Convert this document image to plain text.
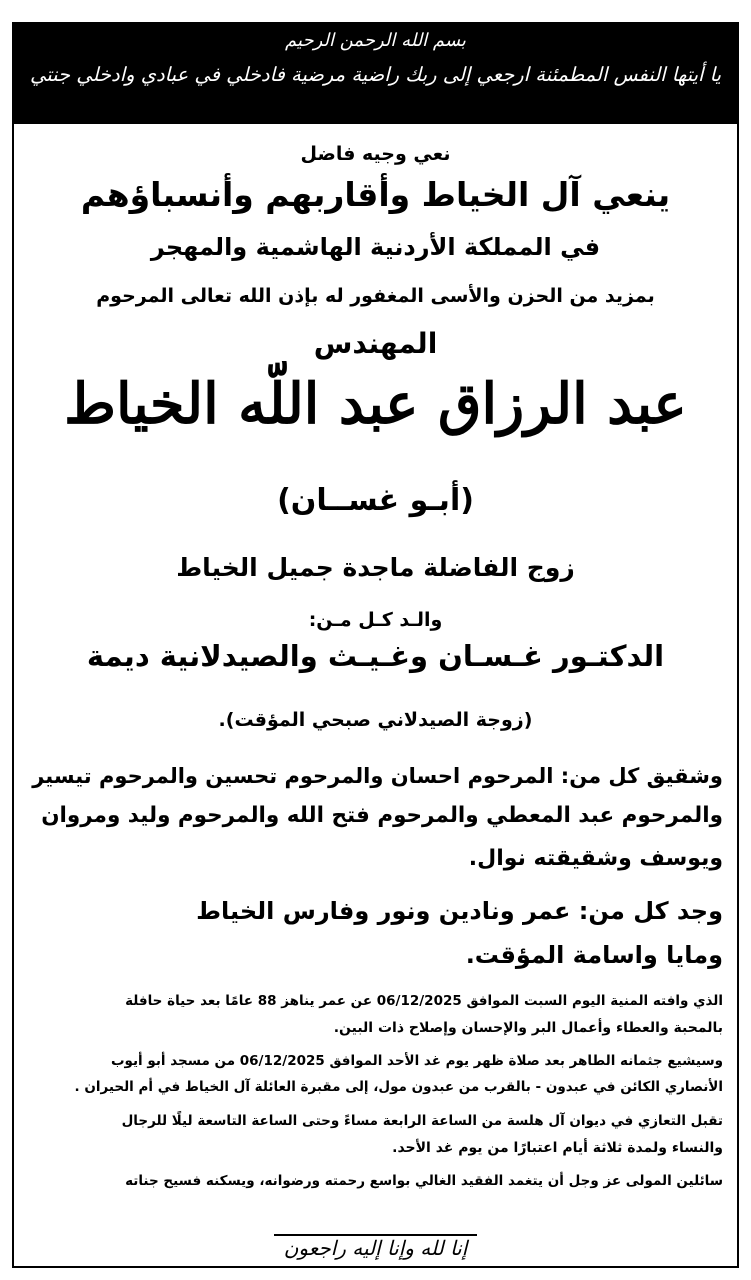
بسم الله الرحمن الرحيم
يا أيتها النفس المطمئنة ارجعي إلى ربك راضية مرضية فادخلي في عبادي وادخلي جنتي
نعي وجيه فاضل
ينعي آل الخياط وأقاربهم وأنسباؤهم
في المملكة الأردنية الهاشمية والمهجر
بمزيد من الحزن والأسى المغفور له بإذن الله تعالى المرحوم
المهندس
عبد الرزاق عبد اللّه الخياط
(أبـو غســان)
زوج الفاضلة ماجدة جميل الخياط
والـد كـل مـن:
الدكتـور غـسـان وغـيـث والصيدلانية ديمة
(زوجة الصيدلاني صبحي المؤقت).
وشقيق كل من: المرحوم احسان والمرحوم تحسين والمرحوم تيسير
والمرحوم عبد المعطي والمرحوم فتح الله والمرحوم وليد ومروان
ويوسف وشقيقته نوال.
وجد كل من: عمر ونادين ونور وفارس الخياط
ومايا واسامة المؤقت.
الذي وافته المنية اليوم السبت الموافق 06/12/2025 عن عمر يناهز 88 عامًا بعد حياة حافلة
بالمحبة والعطاء وأعمال البر والإحسان وإصلاح ذات البين.
وسيشيع جثمانه الطاهر بعد صلاة ظهر يوم غد الأحد الموافق 06/12/2025 من مسجد أبو أيوب
الأنصاري الكائن في عبدون - بالقرب من عبدون مول، إلى مقبرة العائلة آل الخياط في أم الحيران .
تقبل التعازي في ديوان آل هلسة من الساعة الرابعة مساءً وحتى الساعة التاسعة ليلًا للرجال
والنساء ولمدة ثلاثة أيام اعتبارًا من يوم غد الأحد.
سائلين المولى عز وجل أن يتغمد الفقيد الغالي بواسع رحمته ورضوانه، ويسكنه فسيح جناته
إنا لله وإنا إليه راجعون
